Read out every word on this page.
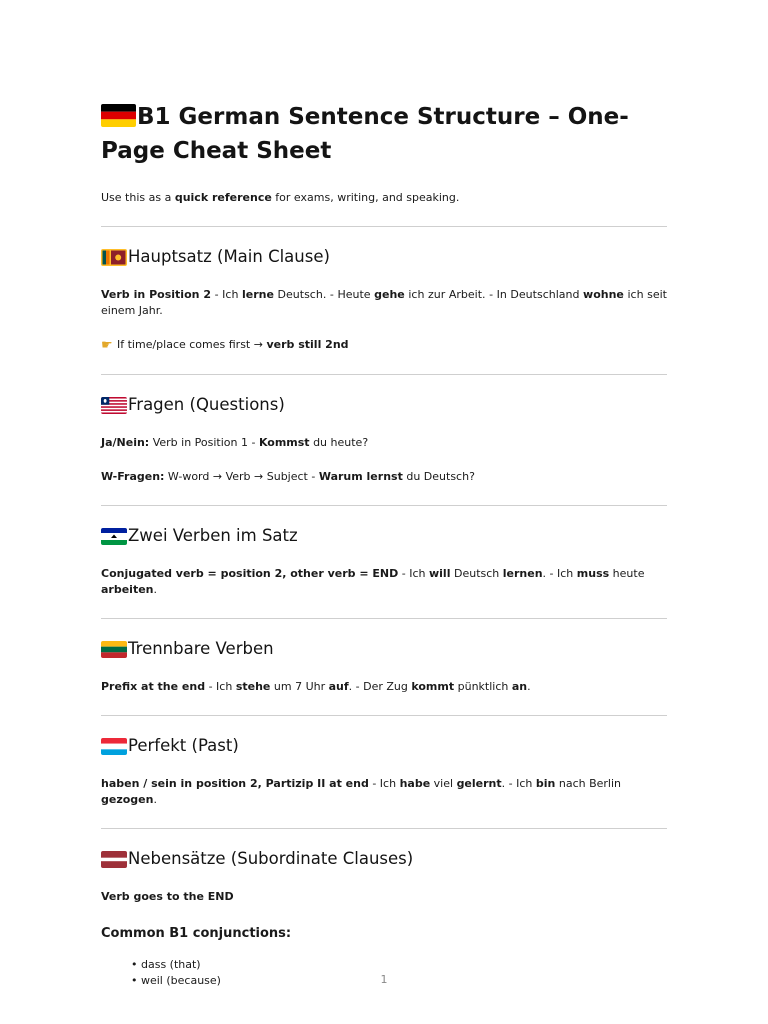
B1 German Sentence Structure – One-Page Cheat Sheet

Use this as a quick reference for exams, writing, and speaking.

Hauptsatz (Main Clause)

Verb in Position 2 - Ich lerne Deutsch. - Heute gehe ich zur Arbeit. - In Deutschland wohne ich seit einem Jahr.

☛ If time/place comes first → verb still 2nd

Fragen (Questions)

Ja/Nein: Verb in Position 1 - Kommst du heute?

W-Fragen: W-word → Verb → Subject - Warum lernst du Deutsch?

Zwei Verben im Satz

Conjugated verb = position 2, other verb = END - Ich will Deutsch lernen. - Ich muss heute arbeiten.

Trennbare Verben

Prefix at the end - Ich stehe um 7 Uhr auf. - Der Zug kommt pünktlich an.

Perfekt (Past)

haben / sein in position 2, Partizip II at end - Ich habe viel gelernt. - Ich bin nach Berlin gezogen.

Nebensätze (Subordinate Clauses)

Verb goes to the END

Common B1 conjunctions:
• dass (that)
• weil (because)	1
